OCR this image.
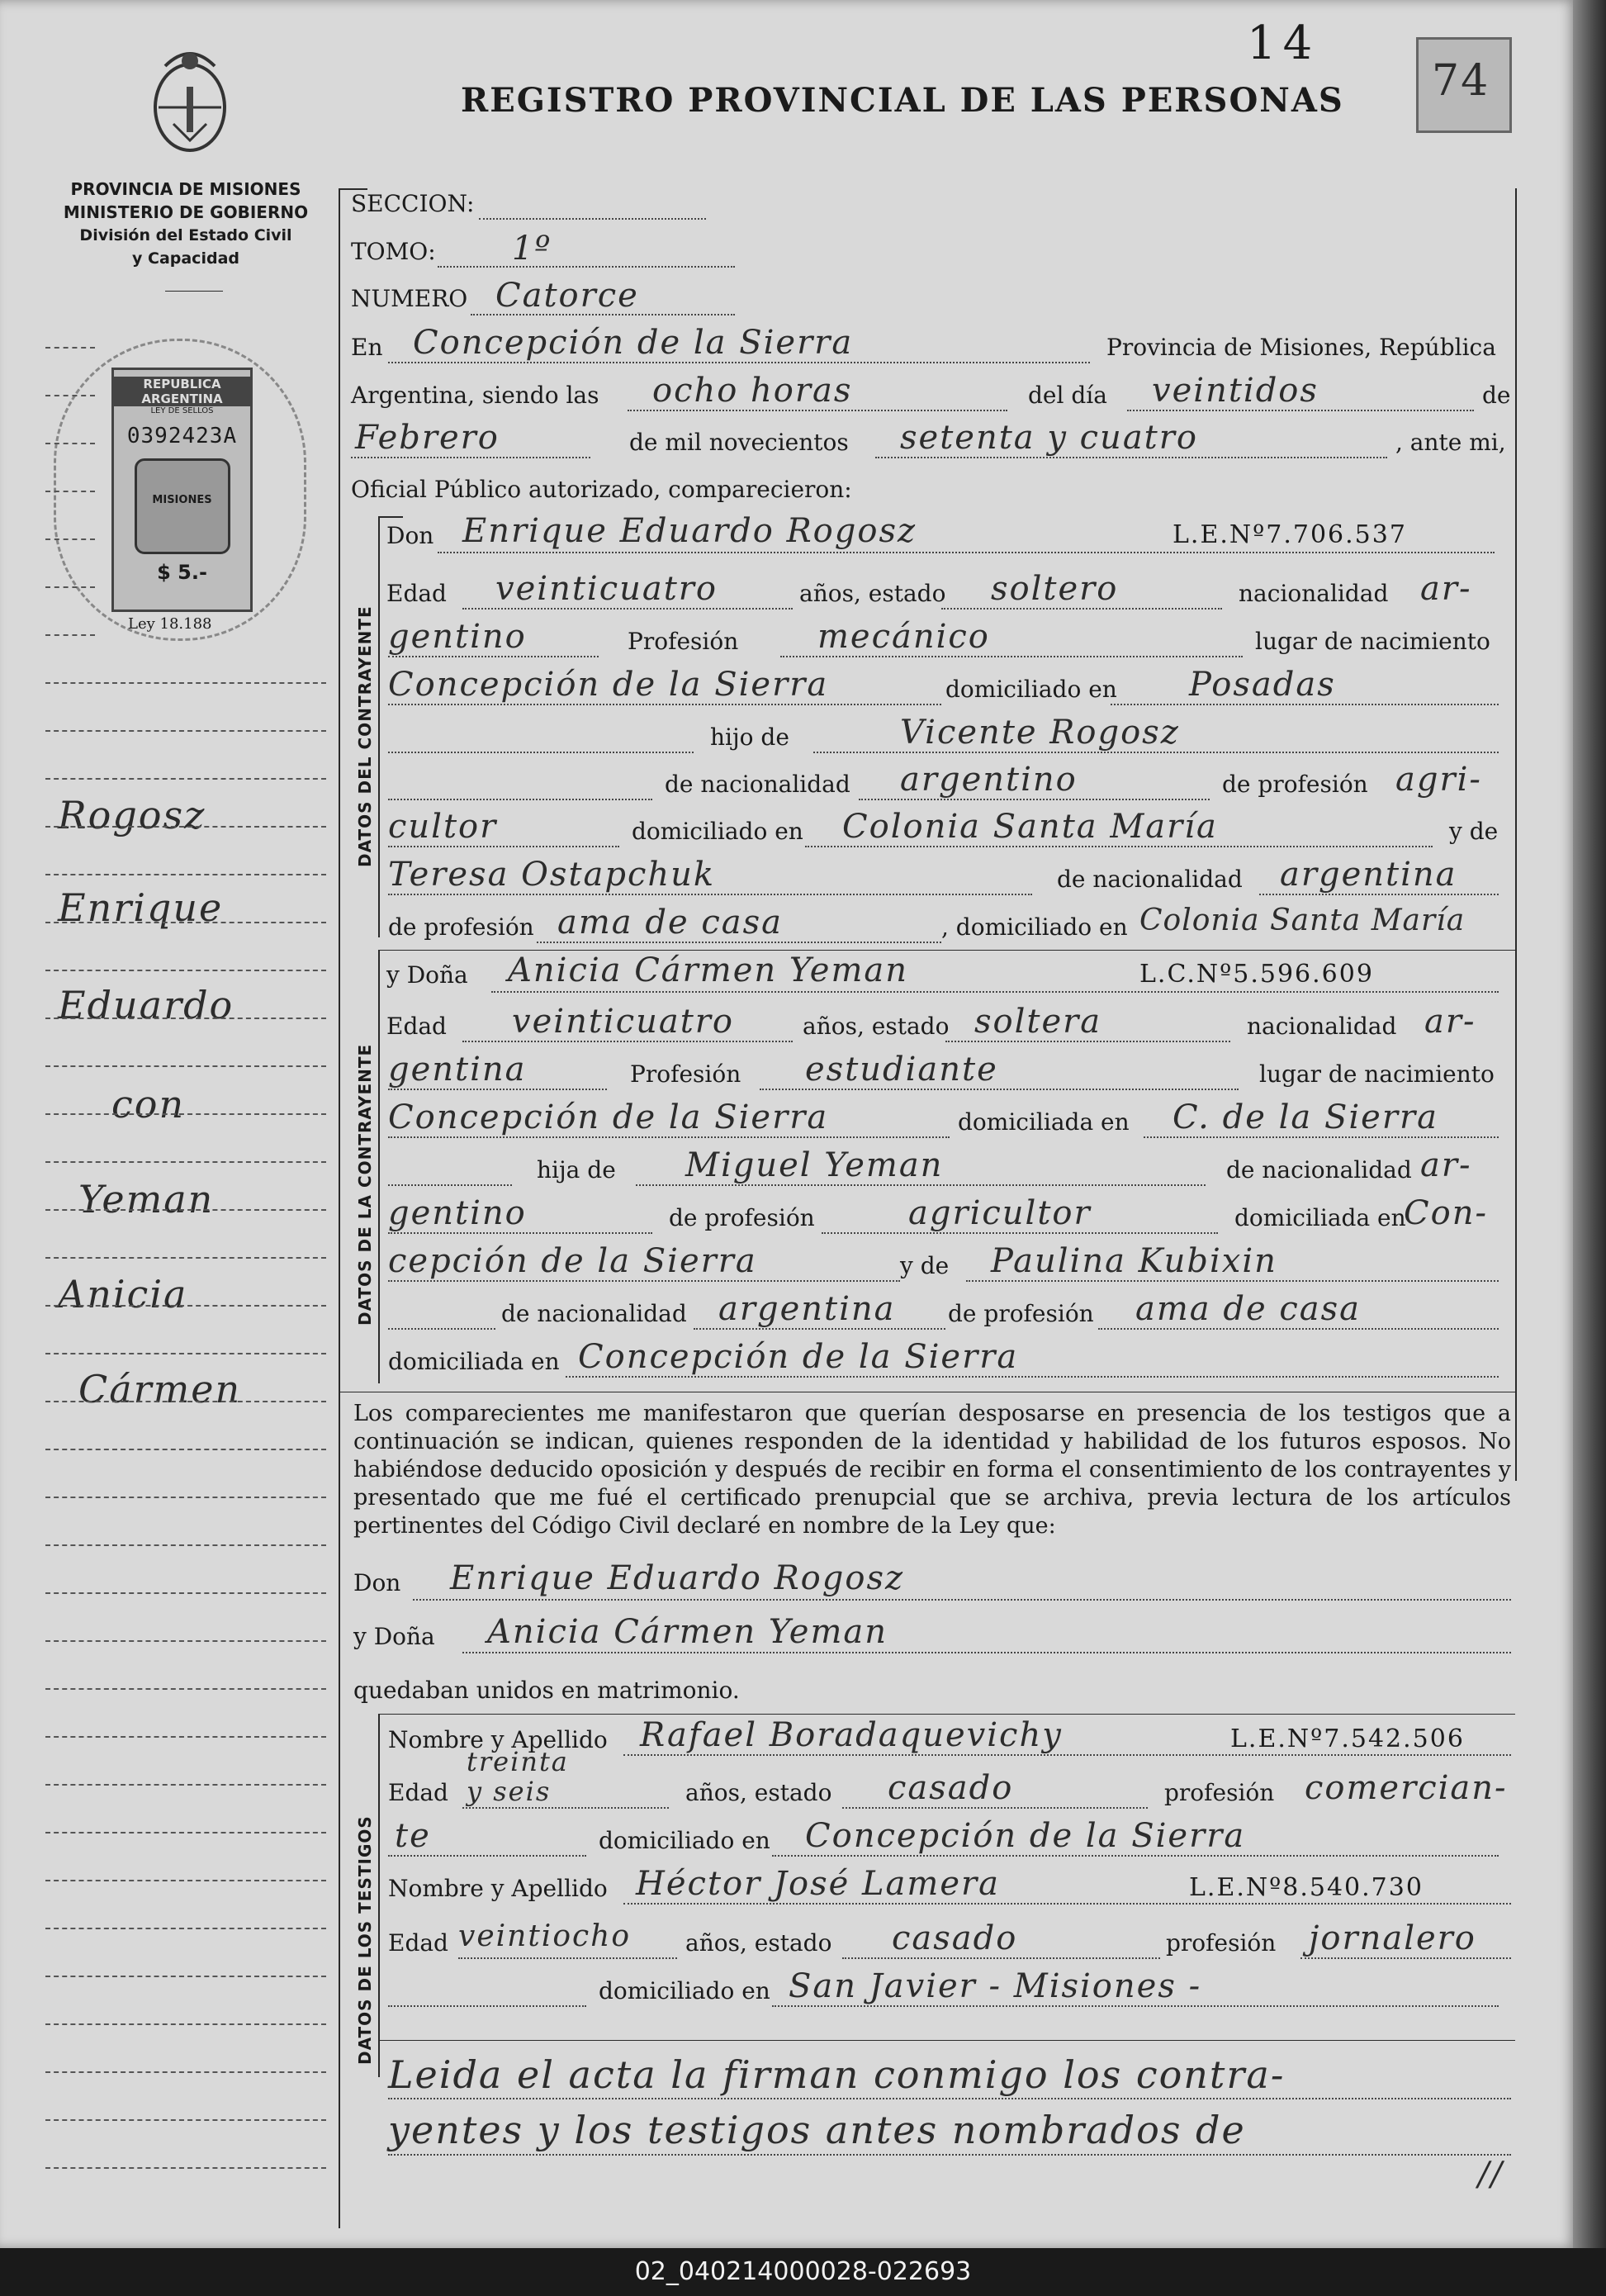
14
REGISTRO PROVINCIAL DE LAS PERSONAS 74
PROVINCIA DE MISIONES
MINISTERIO DE GOBIERNO
División del Estado Civil
y Capacidad
REPUBLICA ARGENTINA
LEY DE SELLOS
0392423A
MISIONES
$ 5.-
Ley 18.188
Rogosz
Enrique
Eduardo
con
Yeman
Anicia
Cármen
SECCION:
TOMO: 1º
NUMERO Catorce
En Concepción de la Sierra	Provincia de Misiones, República
Argentina, siendo las ocho horas	del día veintidos	de
Febrero	de mil novecientos setenta y cuatro	, ante mi,
Oficial Público autorizado, comparecieron:
DATOS DEL CONTRAYENTE
Don Enrique Eduardo Rogosz	L.E.Nº7.706.537
Edad veinticuatro	años, estado soltero	nacionalidad ar-
gentino	Profesión mecánico	lugar de nacimiento
Concepción de la Sierra	domiciliado en Posadas
hijo de	Vicente Rogosz
de nacionalidad argentino	de profesión agri-
cultor	domiciliado en Colonia Santa María	y de
Teresa Ostapchuk	de nacionalidad argentina
de profesión ama de casa	, domiciliado en Colonia Santa María
DATOS DE LA CONTRAYENTE
y Doña Anicia Cármen Yeman	L.C.Nº5.596.609
Edad veinticuatro	años, estado soltera	nacionalidad ar-
gentina	Profesión estudiante	lugar de nacimiento
Concepción de la Sierra	domiciliada en C. de la Sierra
hija de Miguel Yeman	de nacionalidad ar-
gentino	de profesión	agricultor	domiciliada en
Con-
cepción de la Sierra	y de Paulina Kubixin
de nacionalidad argentina de profesión ama de casa
domiciliada en Concepción de la Sierra
Los comparecientes me manifestaron que querían desposarse en presencia de los testigos que a continuación se indican, quienes responden de la identidad y habilidad de los futuros esposos. No habiéndose deducido oposición y después de recibir en forma el consentimiento de los contrayentes y presentado que me fué el certificado prenupcial que se archiva, previa lectura de los artículos pertinentes del Código Civil declaré en nombre de la Ley que:
Don Enrique Eduardo Rogosz
y Doña Anicia Cármen Yeman
quedaban unidos en matrimonio.
DATOS DE LOS TESTIGOS
Nombre y Apellido Rafael Boradaquevichy	L.E.Nº7.542.506
Edad
treinta
y seis	años, estado casado	profesión comercian-
te	domiciliado en Concepción de la Sierra
Nombre y Apellido Héctor José Lamera	L.E.Nº8.540.730
Edad veintiocho años, estado casado	profesión jornalero
domiciliado en San Javier - Misiones -
Leida el acta la firman conmigo los contra-
yentes y los testigos antes nombrados de
//
02_040214000028-022693
